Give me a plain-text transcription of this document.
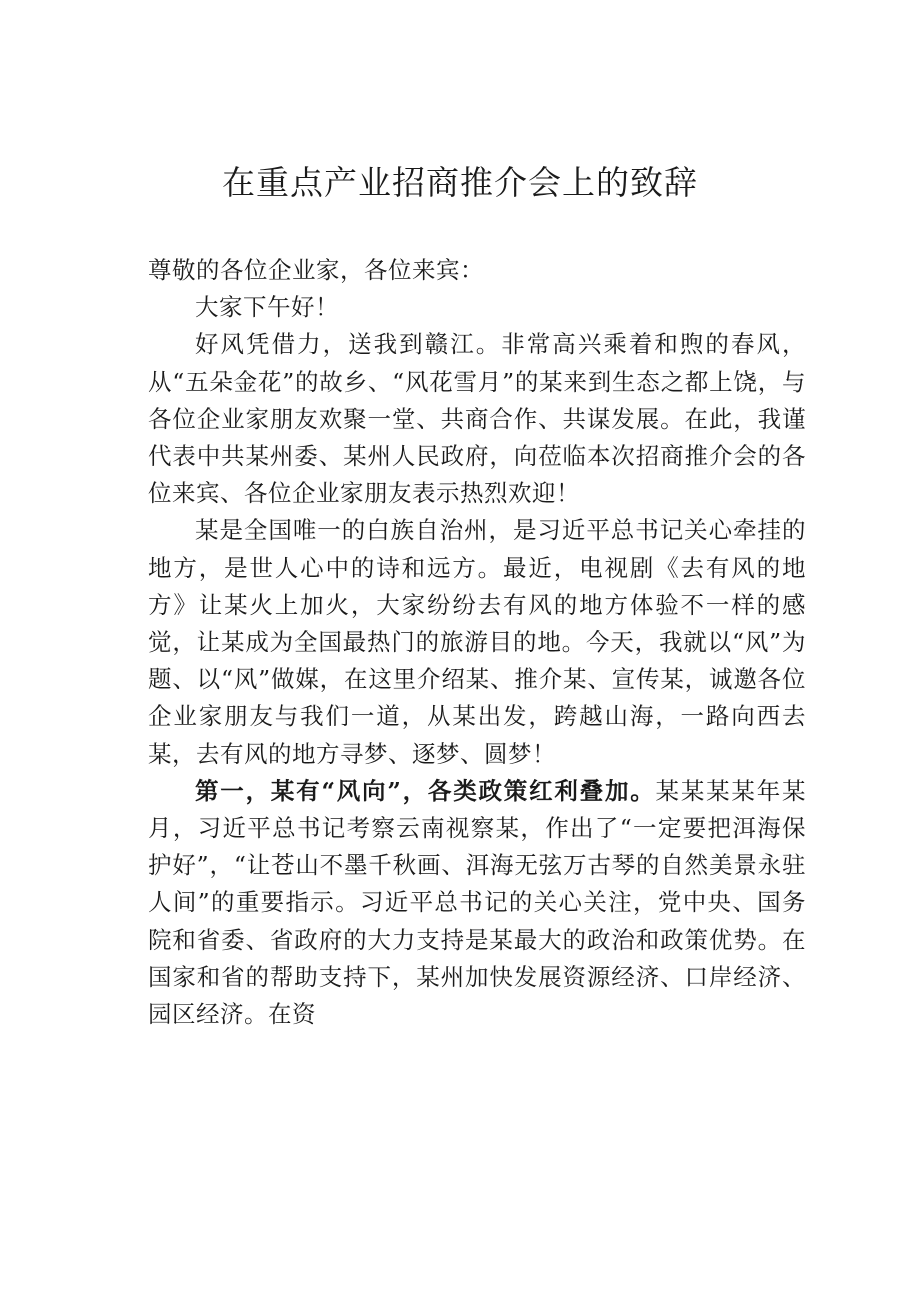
在重点产业招商推介会上的致辞

尊敬的各位企业家，各位来宾：

大家下午好！

好风凭借力，送我到赣江。非常高兴乘着和煦的春风，从“五朵金花”的故乡、“风花雪月”的某来到生态之都上饶，与各位企业家朋友欢聚一堂、共商合作、共谋发展。在此，我谨代表中共某州委、某州人民政府，向莅临本次招商推介会的各位来宾、各位企业家朋友表示热烈欢迎！

某是全国唯一的白族自治州，是习近平总书记关心牵挂的地方，是世人心中的诗和远方。最近，电视剧《去有风的地方》让某火上加火，大家纷纷去有风的地方体验不一样的感觉，让某成为全国最热门的旅游目的地。今天，我就以“风”为题、以“风”做媒，在这里介绍某、推介某、宣传某，诚邀各位企业家朋友与我们一道，从某出发，跨越山海，一路向西去某，去有风的地方寻梦、逐梦、圆梦！

第一，某有“风向”，各类政策红利叠加。某某某某年某月，习近平总书记考察云南视察某，作出了“一定要把洱海保护好”，“让苍山不墨千秋画、洱海无弦万古琴的自然美景永驻人间”的重要指示。习近平总书记的关心关注，党中央、国务院和省委、省政府的大力支持是某最大的政治和政策优势。在国家和省的帮助支持下，某州加快发展资源经济、口岸经济、园区经济。在资
